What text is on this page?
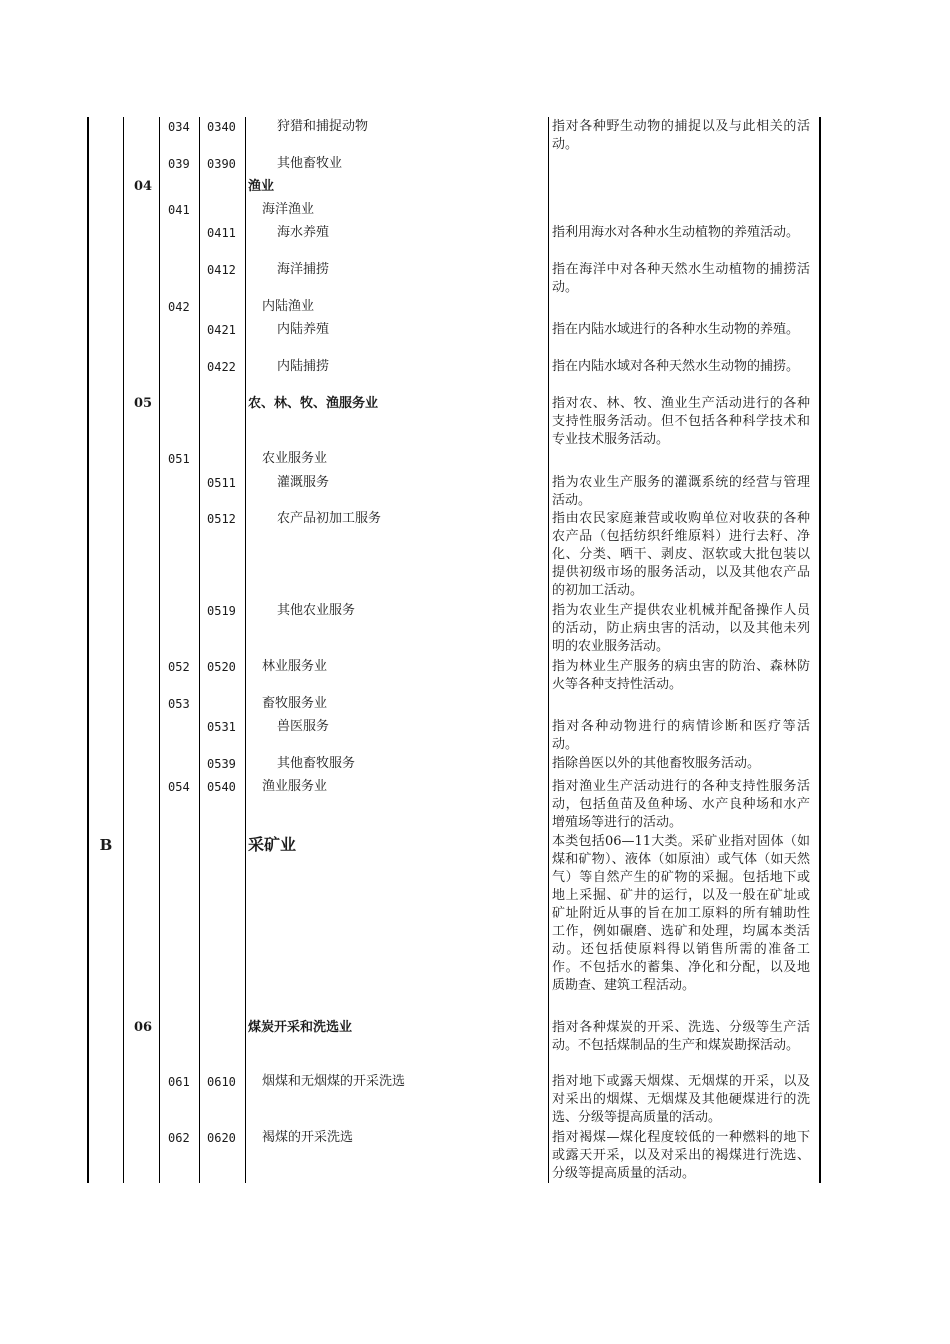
034	0340	狩猎和捕捉动物	指对各种野生动物的捕捉以及与此相关的活动。
039	0390	其他畜牧业
04	渔业
041	海洋渔业
0411	海水养殖	指利用海水对各种水生动植物的养殖活动。
0412	海洋捕捞	指在海洋中对各种天然水生动植物的捕捞活动。
042	内陆渔业
0421	内陆养殖	指在内陆水域进行的各种水生动物的养殖。
0422	内陆捕捞	指在内陆水域对各种天然水生动物的捕捞。
05	农、林、牧、渔服务业	指对农、林、牧、渔业生产活动进行的各种支持性服务活动。但不包括各种科学技术和专业技术服务活动。
051	农业服务业
0511	灌溉服务	指为农业生产服务的灌溉系统的经营与管理活动。
0512	农产品初加工服务	指由农民家庭兼营或收购单位对收获的各种农产品（包括纺织纤维原料）进行去籽、净化、分类、晒干、剥皮、沤软或大批包装以提供初级市场的服务活动，以及其他农产品的初加工活动。
0519	其他农业服务	指为农业生产提供农业机械并配备操作人员的活动，防止病虫害的活动，以及其他未列明的农业服务活动。
052	0520	林业服务业	指为林业生产服务的病虫害的防治、森林防火等各种支持性活动。
053	畜牧服务业
0531	兽医服务	指对各种动物进行的病情诊断和医疗等活动。
0539	其他畜牧服务	指除兽医以外的其他畜牧服务活动。
054	0540	渔业服务业	指对渔业生产活动进行的各种支持性服务活动，包括鱼苗及鱼种场、水产良种场和水产增殖场等进行的活动。
B	采矿业	本类包括06—11大类。采矿业指对固体（如煤和矿物）、液体（如原油）或气体（如天然气）等自然产生的矿物的采掘。包括地下或地上采掘、矿井的运行，以及一般在矿址或矿址附近从事的旨在加工原料的所有辅助性工作，例如碾磨、选矿和处理，均属本类活动。还包括使原料得以销售所需的准备工作。不包括水的蓄集、净化和分配，以及地质勘查、建筑工程活动。
06	煤炭开采和洗选业	指对各种煤炭的开采、洗选、分级等生产活动。不包括煤制品的生产和煤炭勘探活动。
061	0610	烟煤和无烟煤的开采洗选	指对地下或露天烟煤、无烟煤的开采，以及对采出的烟煤、无烟煤及其他硬煤进行的洗选、分级等提高质量的活动。
062	0620	褐煤的开采洗选	指对褐煤—煤化程度较低的一种燃料的地下或露天开采，以及对采出的褐煤进行洗选、分级等提高质量的活动。
